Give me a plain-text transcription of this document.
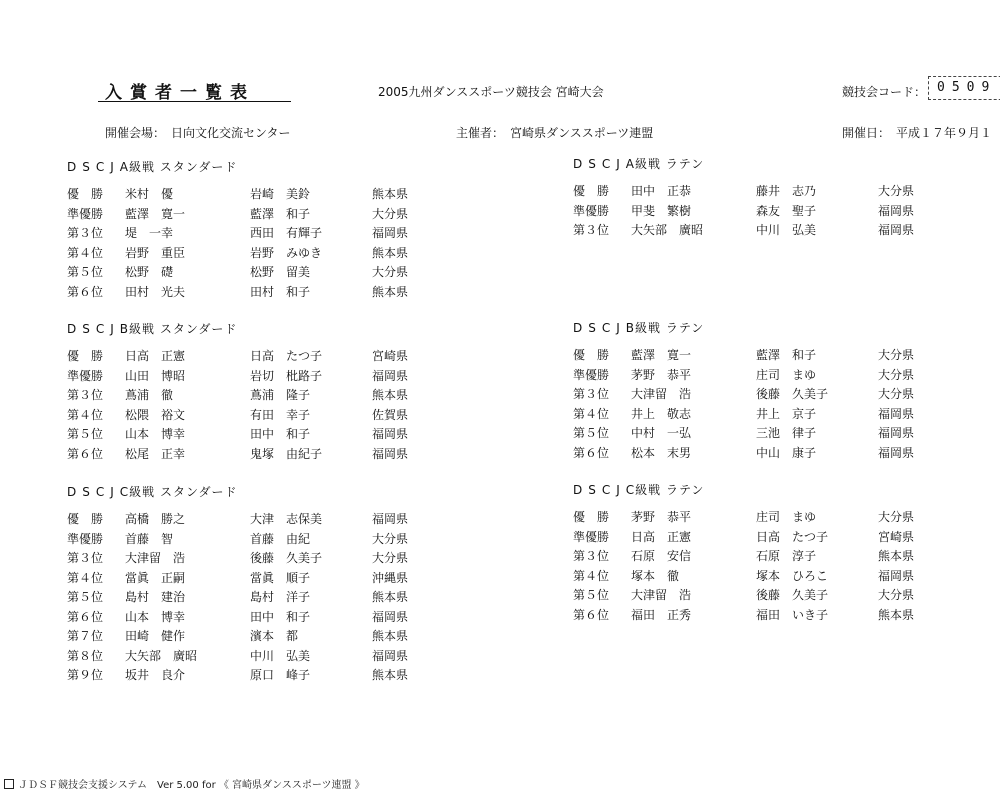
入賞者一覧表	2005九州ダンススポーツ競技会 宮崎大会	競技会コード： 0509
開催会場：　日向文化交流センター	主催者：　宮崎県ダンススポーツ連盟	開催日：　平成１７年９月１
DSCJA級戦 スタンダード
優　勝 米村　優	岩崎　美鈴	熊本県
準優勝 藍澤　寛一	藍澤　和子	大分県
第３位 堤　一幸	西田　有輝子	福岡県
第４位 岩野　重臣	岩野　みゆき	熊本県
第５位 松野　礎	松野　留美	大分県
第６位 田村　光夫	田村　和子	熊本県
DSCJB級戦 スタンダード
優　勝 日高　正憲	日高　たつ子	宮崎県
準優勝 山田　博昭	岩切　枇路子	福岡県
第３位 蔦浦　徹	蔦浦　隆子	熊本県
第４位 松隈　裕文	有田　幸子	佐賀県
第５位 山本　博幸	田中　和子	福岡県
第６位 松尾　正幸	鬼塚　由紀子	福岡県
DSCJC級戦 スタンダード
優　勝 高橋　勝之	大津　志保美	福岡県
準優勝 首藤　智	首藤　由紀	大分県
第３位 大津留　浩	後藤　久美子	大分県
第４位 當眞　正嗣	當眞　順子	沖縄県
第５位 島村　建治	島村　洋子	熊本県
第６位 山本　博幸	田中　和子	福岡県
第７位 田崎　健作	濱本　都	熊本県
第８位 大矢部　廣昭	中川　弘美	福岡県
第９位 坂井　良介	原口　峰子	熊本県
DSCJA級戦 ラテン
優　勝 田中　正恭	藤井　志乃	大分県
準優勝 甲斐　繁樹	森友　聖子	福岡県
第３位 大矢部　廣昭	中川　弘美	福岡県
DSCJB級戦 ラテン
優　勝 藍澤　寛一	藍澤　和子	大分県
準優勝 茅野　恭平	庄司　まゆ	大分県
第３位 大津留　浩	後藤　久美子	大分県
第４位 井上　敬志	井上　京子	福岡県
第５位 中村　一弘	三池　律子	福岡県
第６位 松本　末男	中山　康子	福岡県
DSCJC級戦 ラテン
優　勝 茅野　恭平	庄司　まゆ	大分県
準優勝 日高　正憲	日高　たつ子	宮崎県
第３位 石原　安信	石原　淳子	熊本県
第４位 塚本　徹	塚本　ひろこ	福岡県
第５位 大津留　浩	後藤　久美子	大分県
第６位 福田　正秀	福田　いき子	熊本県
ＪＤＳＦ競技会支援システム　Ver 5.00 for 《 宮崎県ダンススポーツ連盟 》
